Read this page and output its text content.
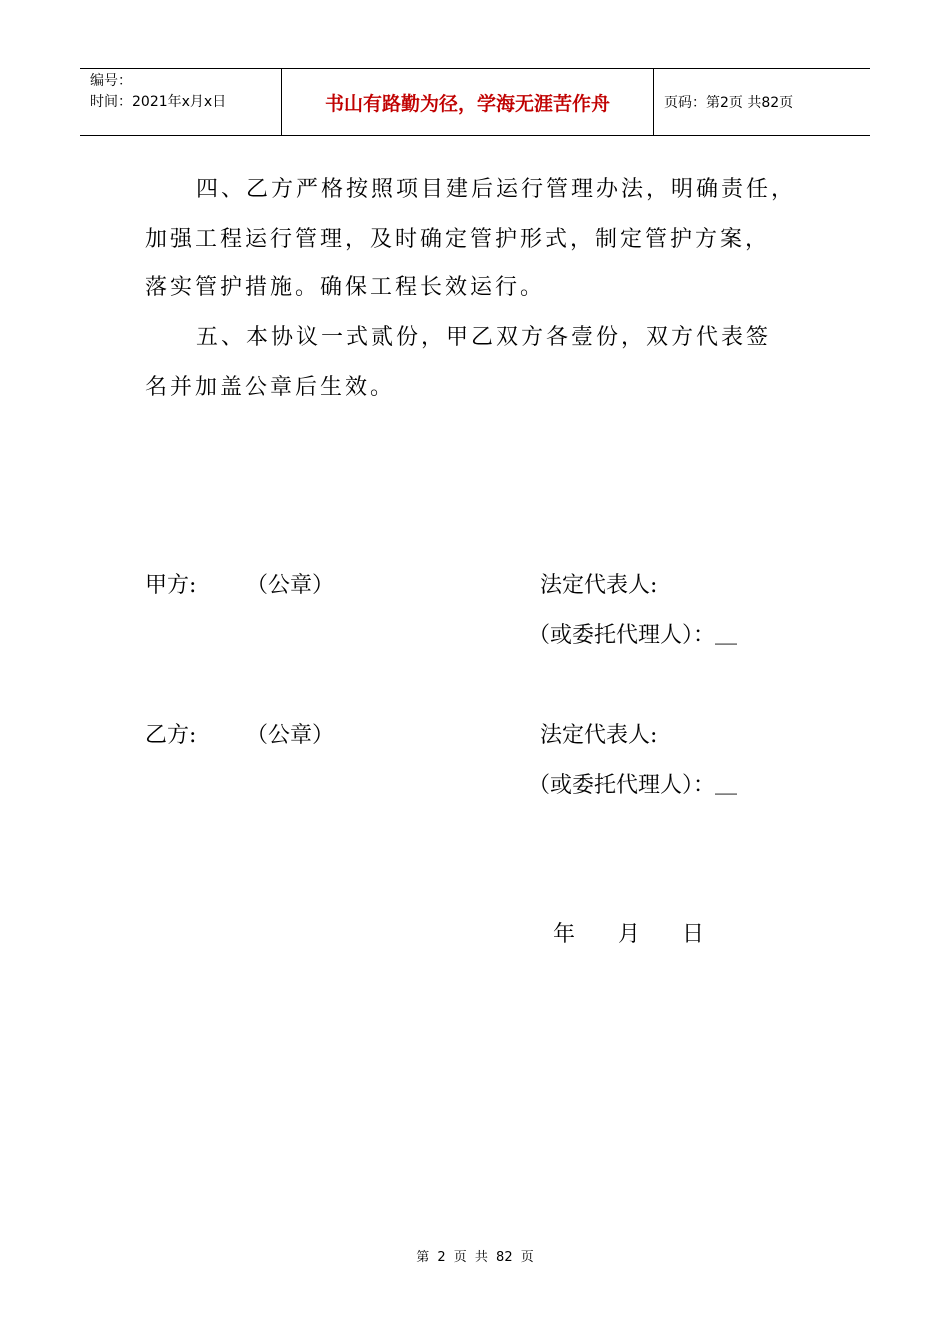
编号：
时间：2021年x月x日	书山有路勤为径，学海无涯苦作舟	页码：第2页 共82页
四、乙方严格按照项目建后运行管理办法，明确责任，
加强工程运行管理，及时确定管护形式，制定管护方案，
落实管护措施。确保工程长效运行。
五、本协议一式贰份，甲乙双方各壹份，双方代表签
名并加盖公章后生效。
甲方: （公章）	法定代表人:
（或委托代理人）：＿
乙方: （公章）	法定代表人:
（或委托代理人）：＿
年 月 日
第 2 页 共 82 页
